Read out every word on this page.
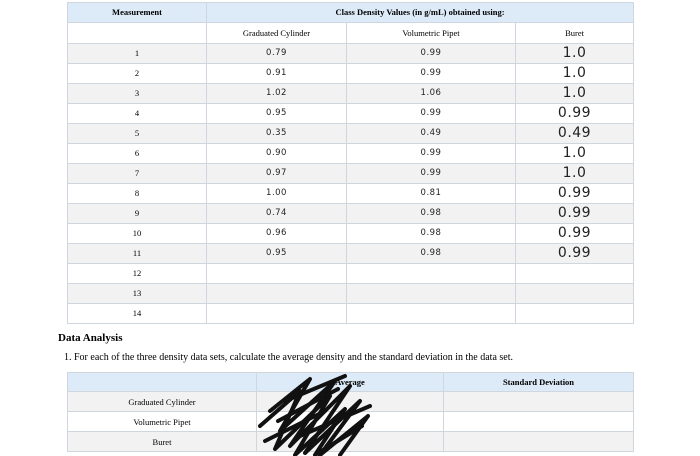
Measurement	Class Density Values (in g/mL) obtained using:		
	Graduated Cylinder	Volumetric Pipet	Buret
1	0.79	0.99	1.0
2	0.91	0.99	1.0
3	1.02	1.06	1.0
4	0.95	0.99	0.99
5	0.35	0.49	0.49
6	0.90	0.99	1.0
7	0.97	0.99	1.0
8	1.00	0.81	0.99
9	0.74	0.98	0.99
10	0.96	0.98	0.99
11	0.95	0.98	0.99
12			
13			
14			
Data Analysis
1. For each of the three density data sets, calculate the average density and the standard deviation in the data set.
	Average	Standard Deviation
Graduated Cylinder		
Volumetric Pipet		
Buret		
